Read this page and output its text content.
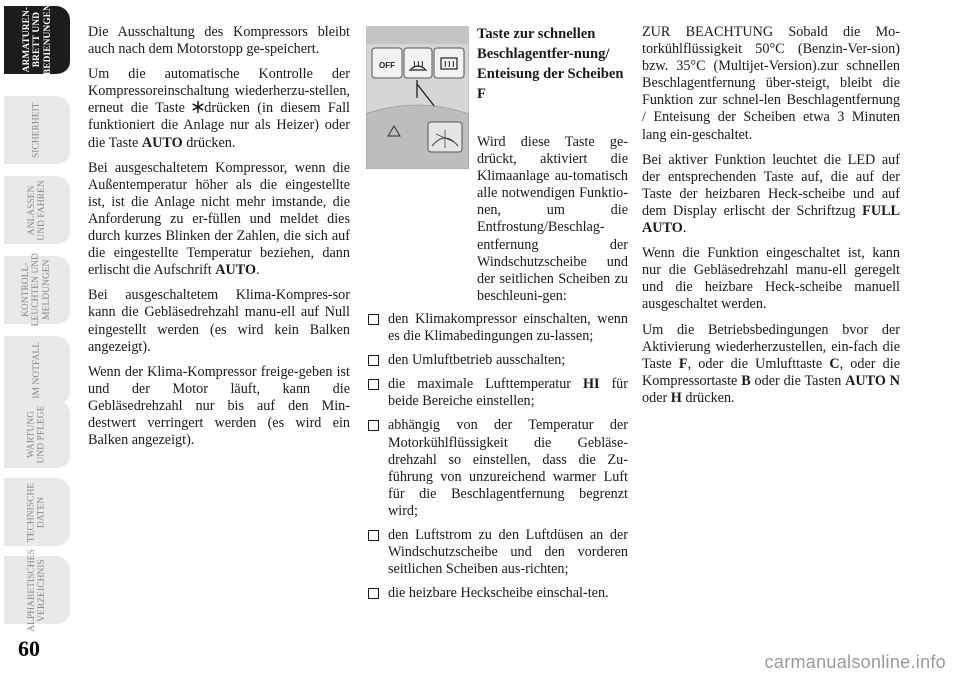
ARMATUREN-
BRETT UND
BEDIENUNGEN
SICHERHEIT
ANLASSEN
UND FAHREN
KONTROLL-
LEUCHTEN UND
MELDUNGEN
IM NOTFALL
WARTUNG
UND PFLEGE
TECHNISCHE
DATEN
ALPHABETISCHES
VERZEICHNIS
60

Die Ausschaltung des Kompressors bleibt auch nach dem Motorstopp ge-speichert.

Um die automatische Kontrolle der Kompressoreinschaltung wiederherzu-stellen, erneut die Taste drücken (in diesem Fall funktioniert die Anlage nur als Heizer) oder die Taste AUTO drücken.

Bei ausgeschaltetem Kompressor, wenn die Außentemperatur höher als die eingestellte ist, ist die Anlage nicht mehr imstande, die Anforderung zu er-füllen und meldet dies durch kurzes Blinken der Zahlen, die sich auf die eingestellte Temperatur beziehen, dann erlischt die Aufschrift AUTO.

Bei ausgeschaltetem Klima-Kompres-sor kann die Gebläsedrehzahl manu-ell auf Null eingestellt werden (es wird kein Balken angezeigt).

Wenn der Klima-Kompressor freige-geben ist und der Motor läuft, kann die Gebläsedrehzahl nur bis auf den Min-destwert verringert werden (es wird ein Balken angezeigt).

OFF
Taste zur schnellen Beschlagentfer-nung/ Enteisung der Scheiben F

Wird diese Taste ge-drückt, aktiviert die Klimaanlage au-tomatisch alle notwendigen Funktio-nen, um die Entfrostung/Beschlag-entfernung der Windschutzscheibe und der seitlichen Scheiben zu beschleuni-gen:

den Klimakompressor einschalten, wenn es die Klimabedingungen zu-lassen;
den Umluftbetrieb ausschalten;
die maximale Lufttemperatur HI für beide Bereiche einstellen;
abhängig von der Temperatur der Motorkühlflüssigkeit die Gebläse-drehzahl so einstellen, dass die Zu-führung von unzureichend warmer Luft für die Beschlagentfernung begrenzt wird;
den Luftstrom zu den Luftdüsen an der Windschutzscheibe und den vorderen seitlichen Scheiben aus-richten;
die heizbare Heckscheibe einschal-ten.

ZUR BEACHTUNG Sobald die Mo-torkühlflüssigkeit 50°C (Benzin-Ver-sion) bzw. 35°C (Multijet-Version).zur schnellen Beschlagentfernung über-steigt, bleibt die Funktion zur schnel-len Beschlagentfernung / Enteisung der Scheiben etwa 3 Minuten lang ein-geschaltet.

Bei aktiver Funktion leuchtet die LED auf der entsprechenden Taste auf, die auf der Taste der heizbaren Heck-scheibe und auf dem Display erlischt der Schriftzug FULL AUTO.

Wenn die Funktion eingeschaltet ist, kann nur die Gebläsedrehzahl manu-ell geregelt und die heizbare Heck-scheibe manuell ausgeschaltet werden.

Um die Betriebsbedingungen bvor der Aktivierung wiederherzustellen, ein-fach die Taste F, oder die Umlufttaste C, oder die Kompressortaste B oder die Tasten AUTO N oder H drücken.

carmanualsonline.info
